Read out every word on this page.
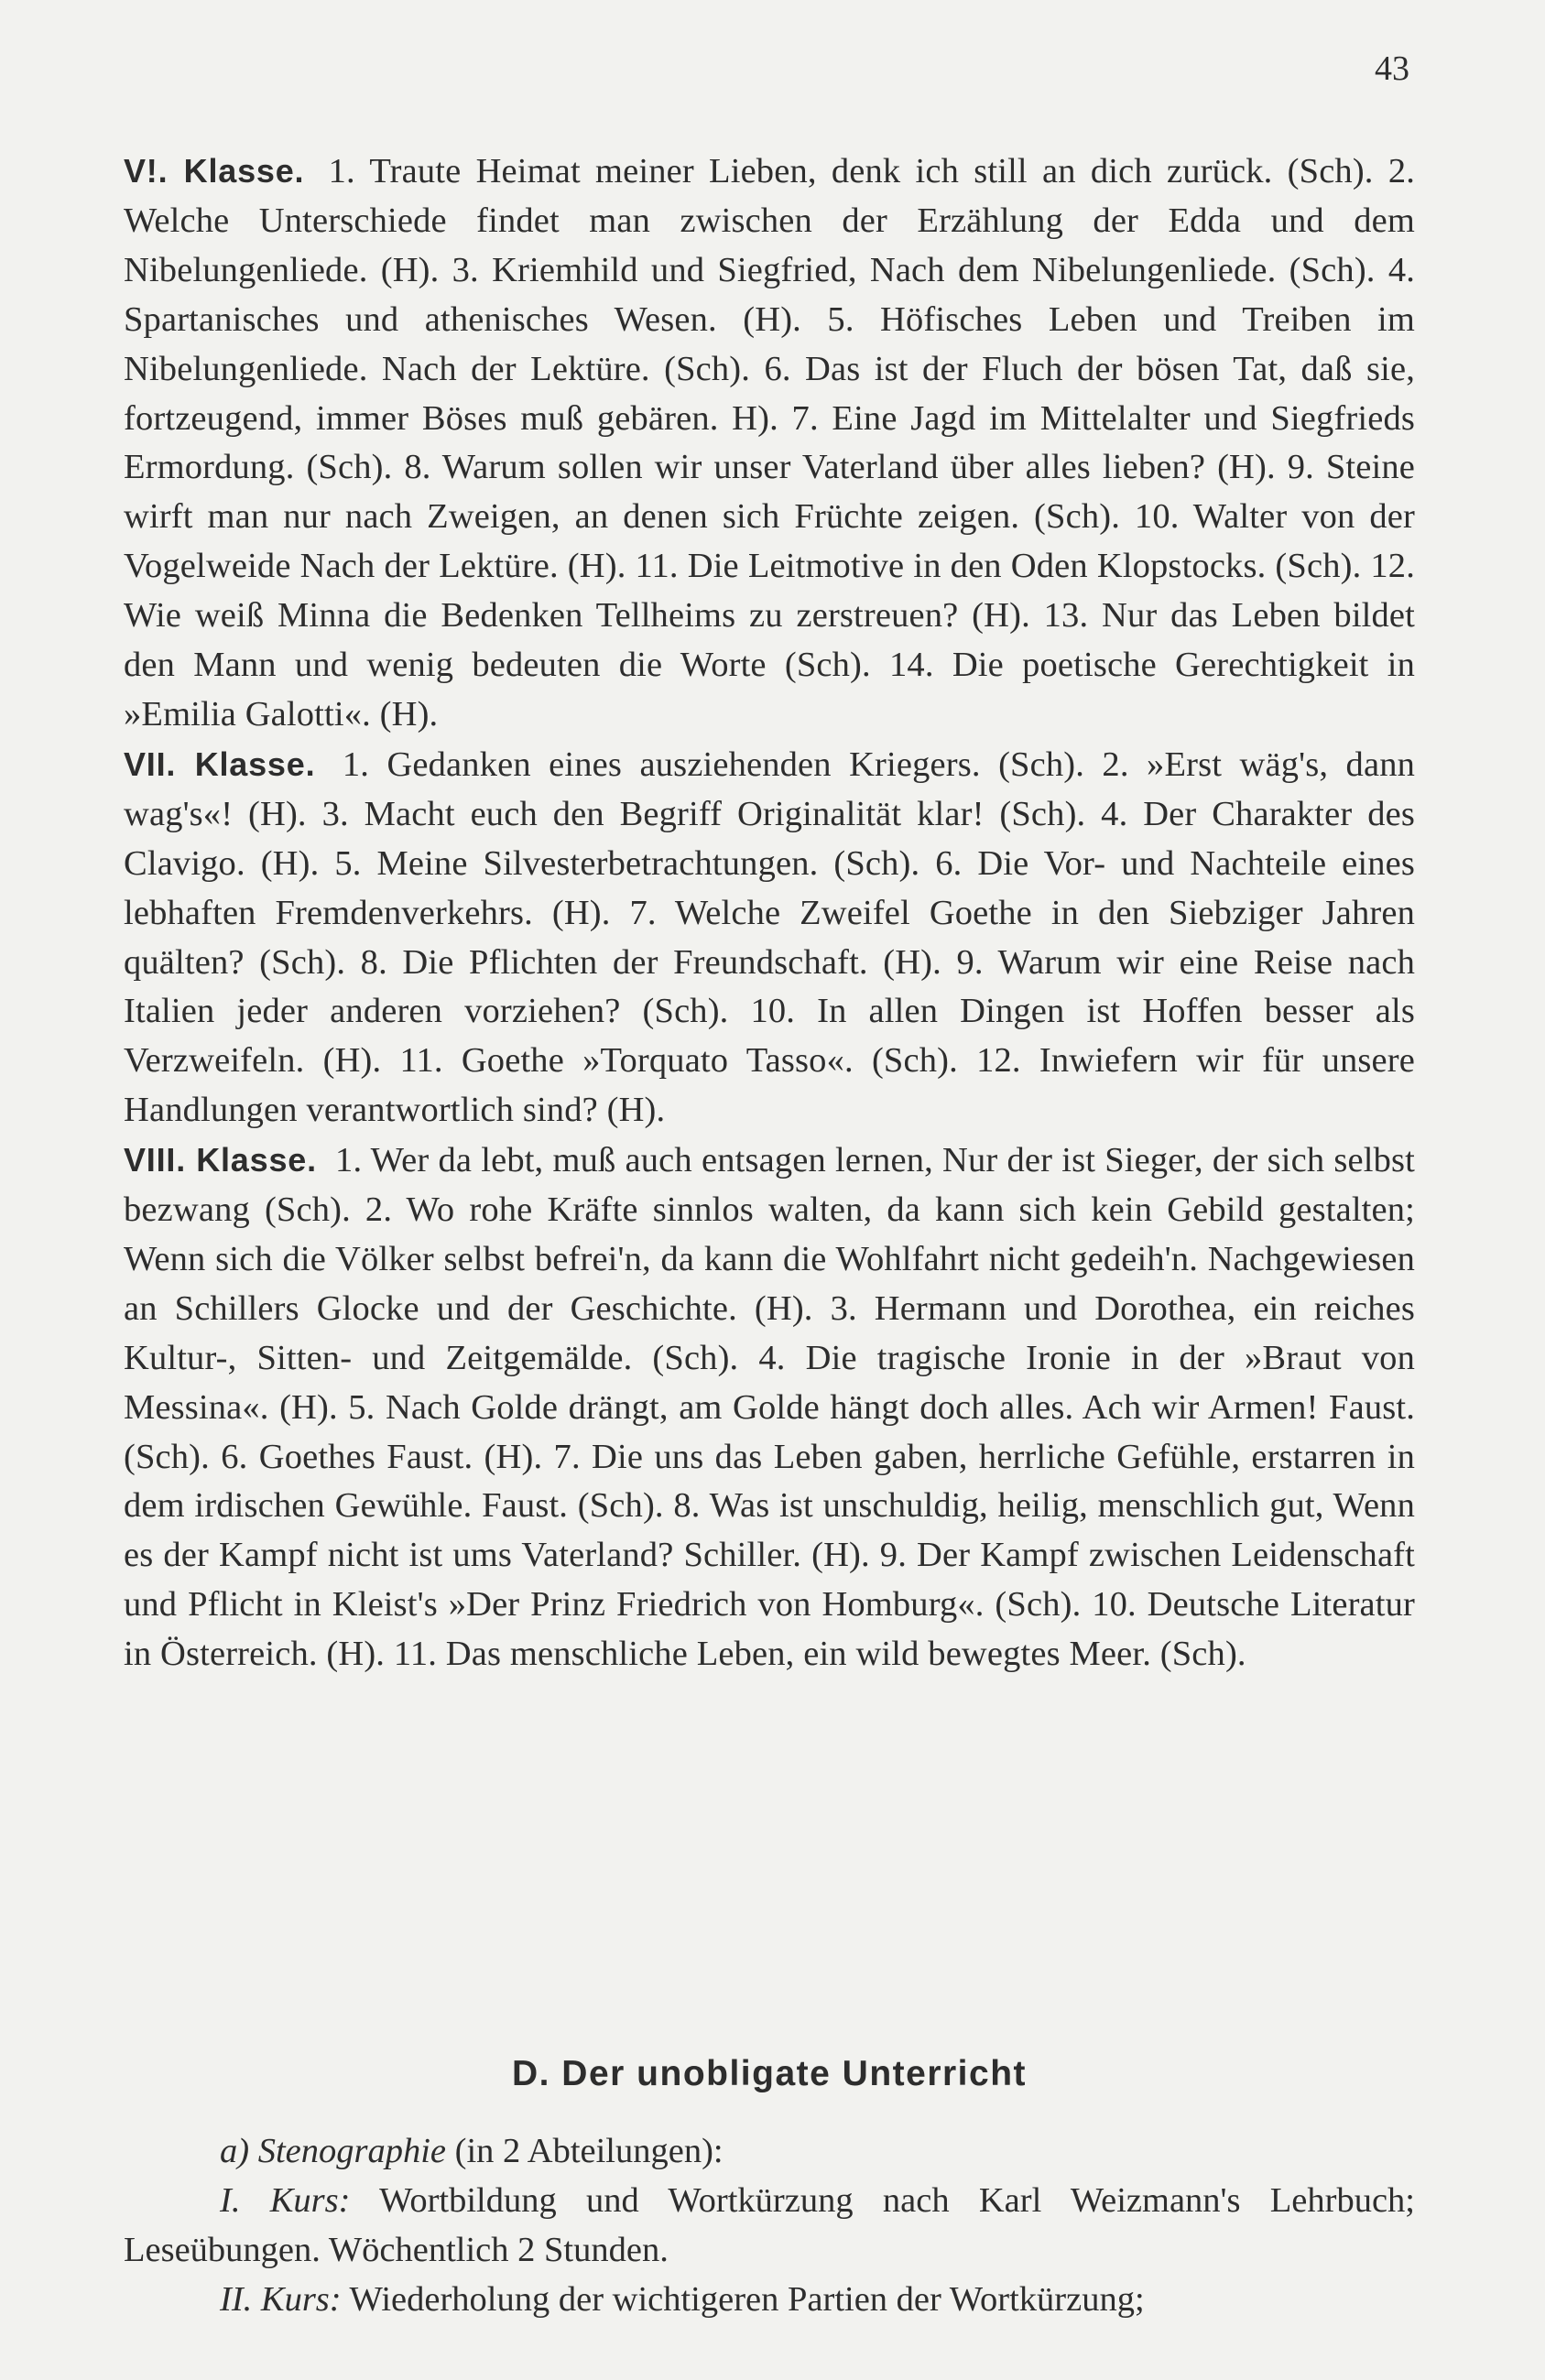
43

V!. Klasse. 1. Traute Heimat meiner Lieben, denk ich still an dich zurück. (Sch). 2. Welche Unterschiede findet man zwischen der Erzählung der Edda und dem Nibelungenliede. (H). 3. Kriemhild und Siegfried, Nach dem Nibelungenliede. (Sch). 4. Spartanisches und athenisches Wesen. (H). 5. Höfisches Leben und Treiben im Nibelungenliede. Nach der Lektüre. (Sch). 6. Das ist der Fluch der bösen Tat, daß sie, fortzeugend, immer Böses muß gebären. H). 7. Eine Jagd im Mittelalter und Siegfrieds Ermordung. (Sch). 8. Warum sollen wir unser Vaterland über alles lieben? (H). 9. Steine wirft man nur nach Zweigen, an denen sich Früchte zeigen. (Sch). 10. Walter von der Vogelweide Nach der Lektüre. (H). 11. Die Leitmotive in den Oden Klopstocks. (Sch). 12. Wie weiß Minna die Bedenken Tellheims zu zerstreuen? (H). 13. Nur das Leben bildet den Mann und wenig bedeuten die Worte (Sch). 14. Die poetische Gerechtigkeit in »Emilia Galotti«. (H).

VII. Klasse. 1. Gedanken eines ausziehenden Kriegers. (Sch). 2. »Erst wäg's, dann wag's«! (H). 3. Macht euch den Begriff Originalität klar! (Sch). 4. Der Charakter des Clavigo. (H). 5. Meine Silvesterbetrachtungen. (Sch). 6. Die Vor- und Nachteile eines lebhaften Fremdenverkehrs. (H). 7. Welche Zweifel Goethe in den Siebziger Jahren quälten? (Sch). 8. Die Pflichten der Freundschaft. (H). 9. Warum wir eine Reise nach Italien jeder anderen vorziehen? (Sch). 10. In allen Dingen ist Hoffen besser als Verzweifeln. (H). 11. Goethe »Torquato Tasso«. (Sch). 12. Inwiefern wir für unsere Handlungen verantwortlich sind? (H).

VIII. Klasse. 1. Wer da lebt, muß auch entsagen lernen, Nur der ist Sieger, der sich selbst bezwang (Sch). 2. Wo rohe Kräfte sinnlos walten, da kann sich kein Gebild gestalten; Wenn sich die Völker selbst befrei'n, da kann die Wohlfahrt nicht gedeih'n. Nachgewiesen an Schillers Glocke und der Geschichte. (H). 3. Hermann und Dorothea, ein reiches Kultur-, Sitten- und Zeitgemälde. (Sch). 4. Die tragische Ironie in der »Braut von Messina«. (H). 5. Nach Golde drängt, am Golde hängt doch alles. Ach wir Armen! Faust. (Sch). 6. Goethes Faust. (H). 7. Die uns das Leben gaben, herrliche Gefühle, erstarren in dem irdischen Gewühle. Faust. (Sch). 8. Was ist unschuldig, heilig, menschlich gut, Wenn es der Kampf nicht ist ums Vaterland? Schiller. (H). 9. Der Kampf zwischen Leidenschaft und Pflicht in Kleist's »Der Prinz Friedrich von Homburg«. (Sch). 10. Deutsche Literatur in Österreich. (H). 11. Das menschliche Leben, ein wild bewegtes Meer. (Sch).

D. Der unobligate Unterricht

a) Stenographie (in 2 Abteilungen):

I. Kurs: Wortbildung und Wortkürzung nach Karl Weizmann's Lehrbuch; Leseübungen. Wöchentlich 2 Stunden.

II. Kurs: Wiederholung der wichtigeren Partien der Wortkürzung;
